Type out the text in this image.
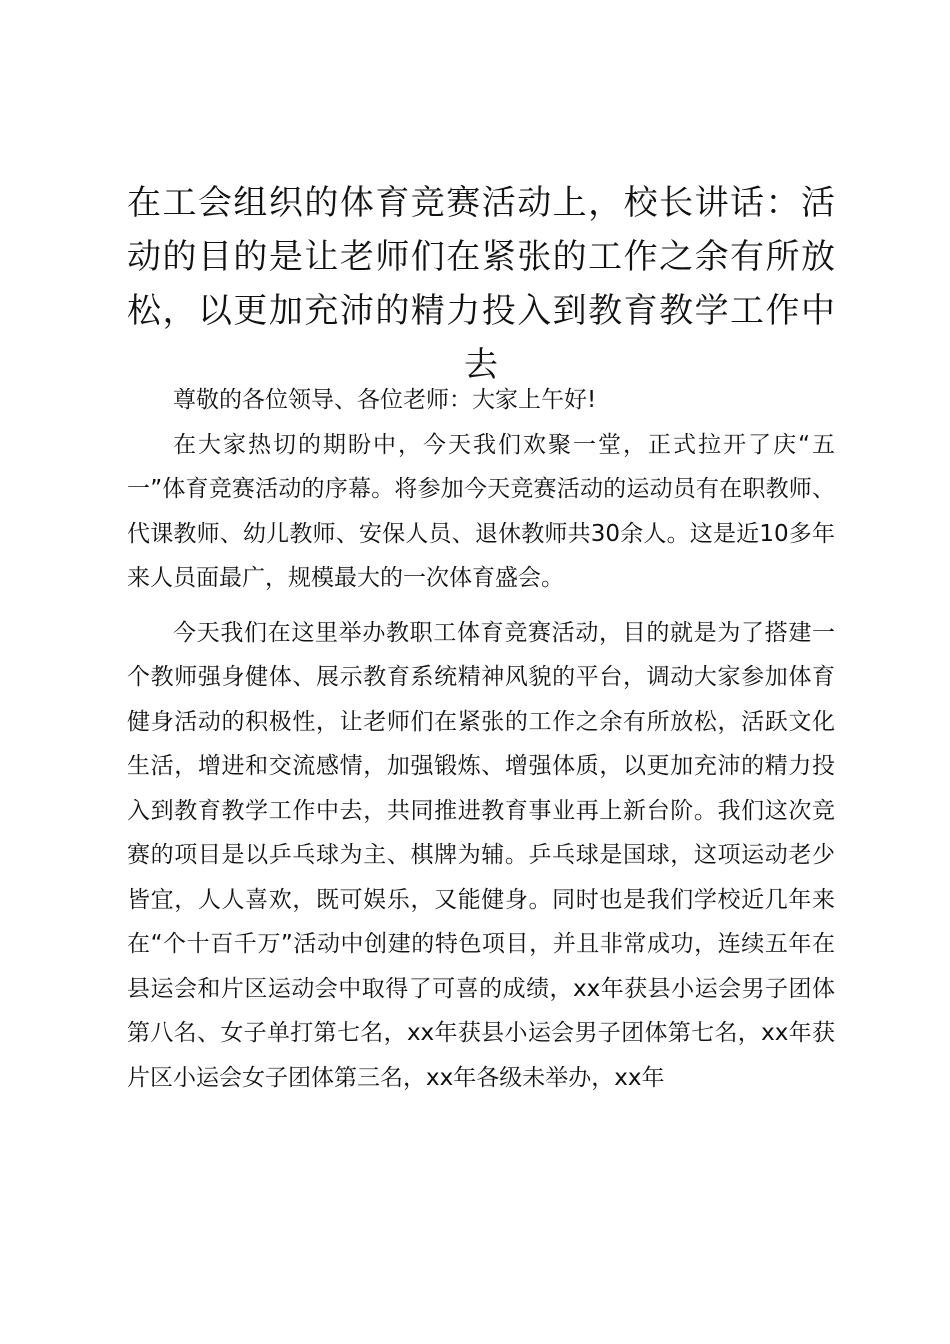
在工会组织的体育竞赛活动上，校长讲话：活动的目的是让老师们在紧张的工作之余有所放松，以更加充沛的精力投入到教育教学工作中去

尊敬的各位领导、各位老师：大家上午好!

在大家热切的期盼中，今天我们欢聚一堂，正式拉开了庆“五一”体育竞赛活动的序幕。将参加今天竞赛活动的运动员有在职教师、代课教师、幼儿教师、安保人员、退休教师共30余人。这是近10多年来人员面最广，规模最大的一次体育盛会。

今天我们在这里举办教职工体育竞赛活动，目的就是为了搭建一个教师强身健体、展示教育系统精神风貌的平台，调动大家参加体育健身活动的积极性，让老师们在紧张的工作之余有所放松，活跃文化生活，增进和交流感情，加强锻炼、增强体质，以更加充沛的精力投入到教育教学工作中去，共同推进教育事业再上新台阶。我们这次竞赛的项目是以乒乓球为主、棋牌为辅。乒乓球是国球，这项运动老少皆宜，人人喜欢，既可娱乐，又能健身。同时也是我们学校近几年来在“个十百千万”活动中创建的特色项目，并且非常成功，连续五年在县运会和片区运动会中取得了可喜的成绩，xx年获县小运会男子团体第八名、女子单打第七名，xx年获县小运会男子团体第七名，xx年获片区小运会女子团体第三名，xx年各级未举办，xx年
